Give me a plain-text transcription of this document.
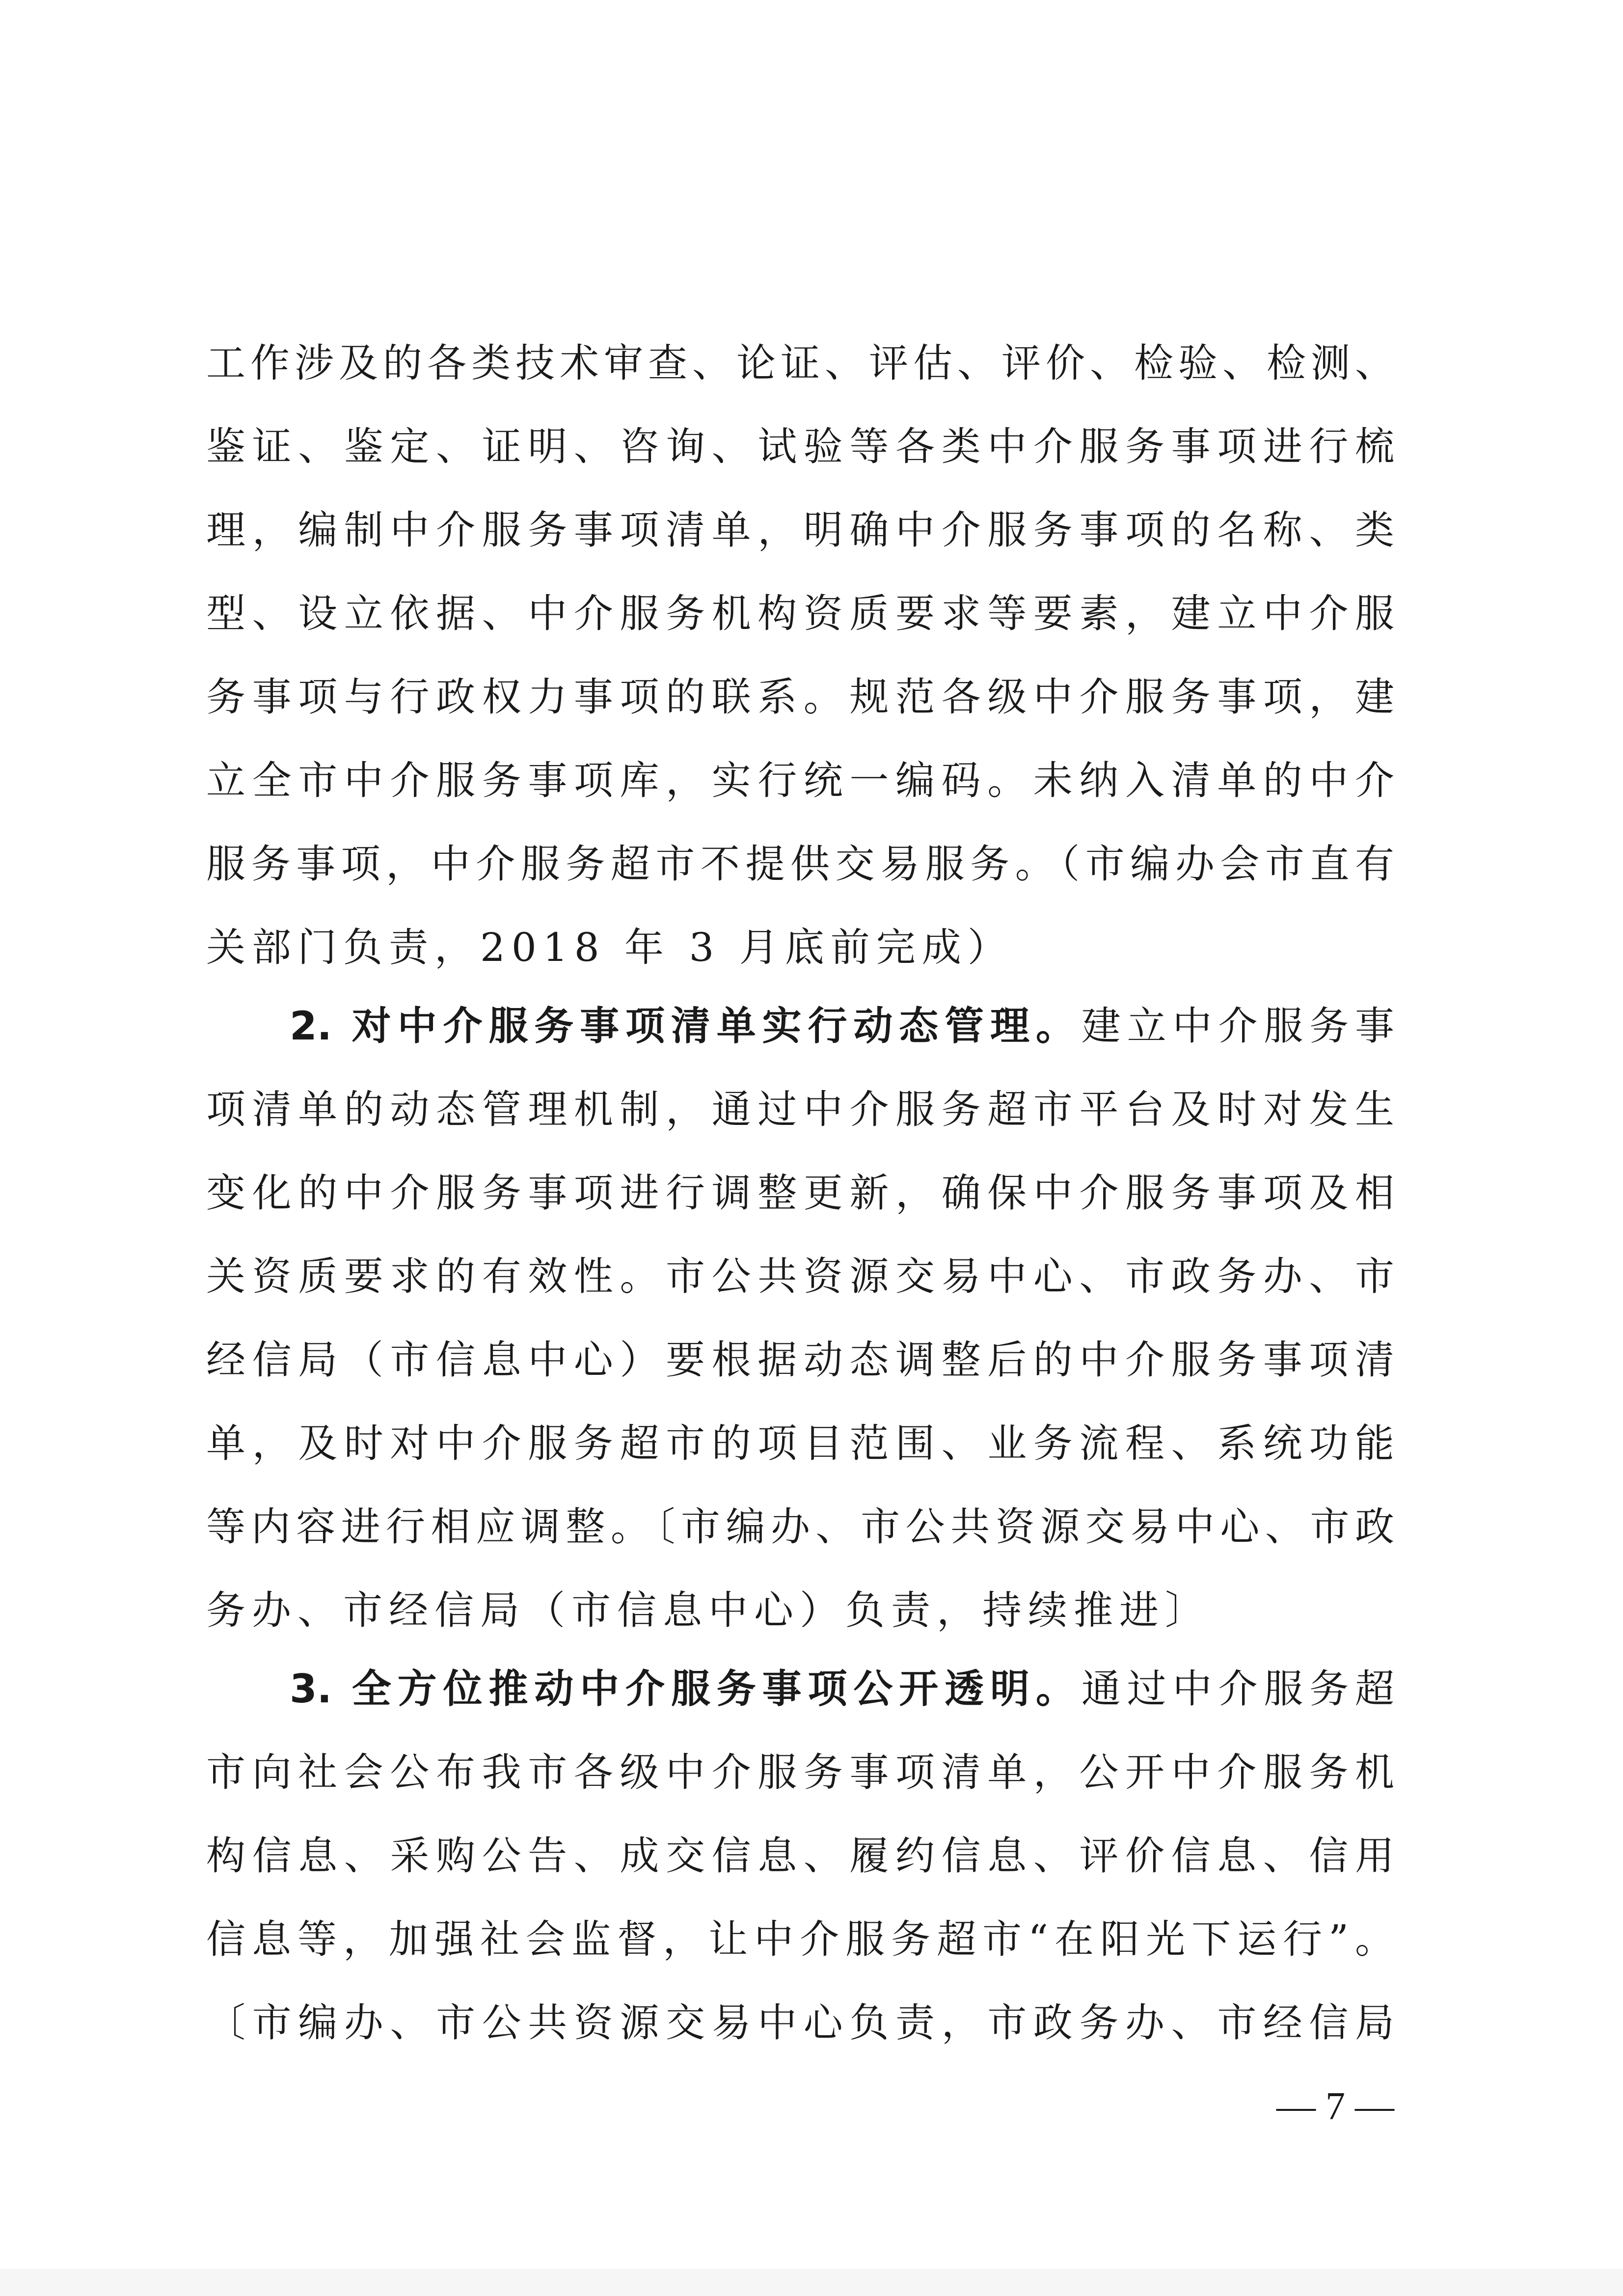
工作涉及的各类技术审查、论证、评估、评价、检验、检测、
鉴证、鉴定、证明、咨询、试验等各类中介服务事项进行梳
理，编制中介服务事项清单，明确中介服务事项的名称、类
型、设立依据、中介服务机构资质要求等要素，建立中介服
务事项与行政权力事项的联系。规范各级中介服务事项，建
立全市中介服务事项库，实行统一编码。未纳入清单的中介
服务事项，中介服务超市不提供交易服务。（市编办会市直有
关部门负责，2018 年 3 月底前完成）
2. 对中介服务事项清单实行动态管理。建立中介服务事
项清单的动态管理机制，通过中介服务超市平台及时对发生
变化的中介服务事项进行调整更新，确保中介服务事项及相
关资质要求的有效性。市公共资源交易中心、市政务办、市
经信局（市信息中心）要根据动态调整后的中介服务事项清
单，及时对中介服务超市的项目范围、业务流程、系统功能
等内容进行相应调整。〔市编办、市公共资源交易中心、市政
务办、市经信局（市信息中心）负责，持续推进〕
3. 全方位推动中介服务事项公开透明。通过中介服务超
市向社会公布我市各级中介服务事项清单，公开中介服务机
构信息、采购公告、成交信息、履约信息、评价信息、信用
信息等，加强社会监督，让中介服务超市“在阳光下运行”。
〔市编办、市公共资源交易中心负责，市政务办、市经信局
— 7 —
